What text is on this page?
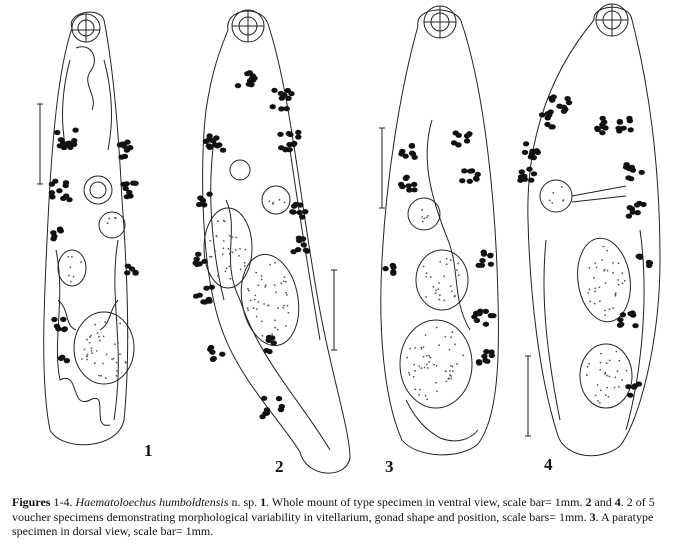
1
2	3	4
Figures 1-4. Haematoloechus humboldtensis n. sp. 1. Whole mount of type specimen in ventral view, scale bar= 1mm. 2 and 4. 2 of 5 voucher specimens demonstrating morphological variability in vitellarium, gonad shape and position, scale bars= 1mm. 3. A paratype specimen in dorsal view, scale bar= 1mm.
